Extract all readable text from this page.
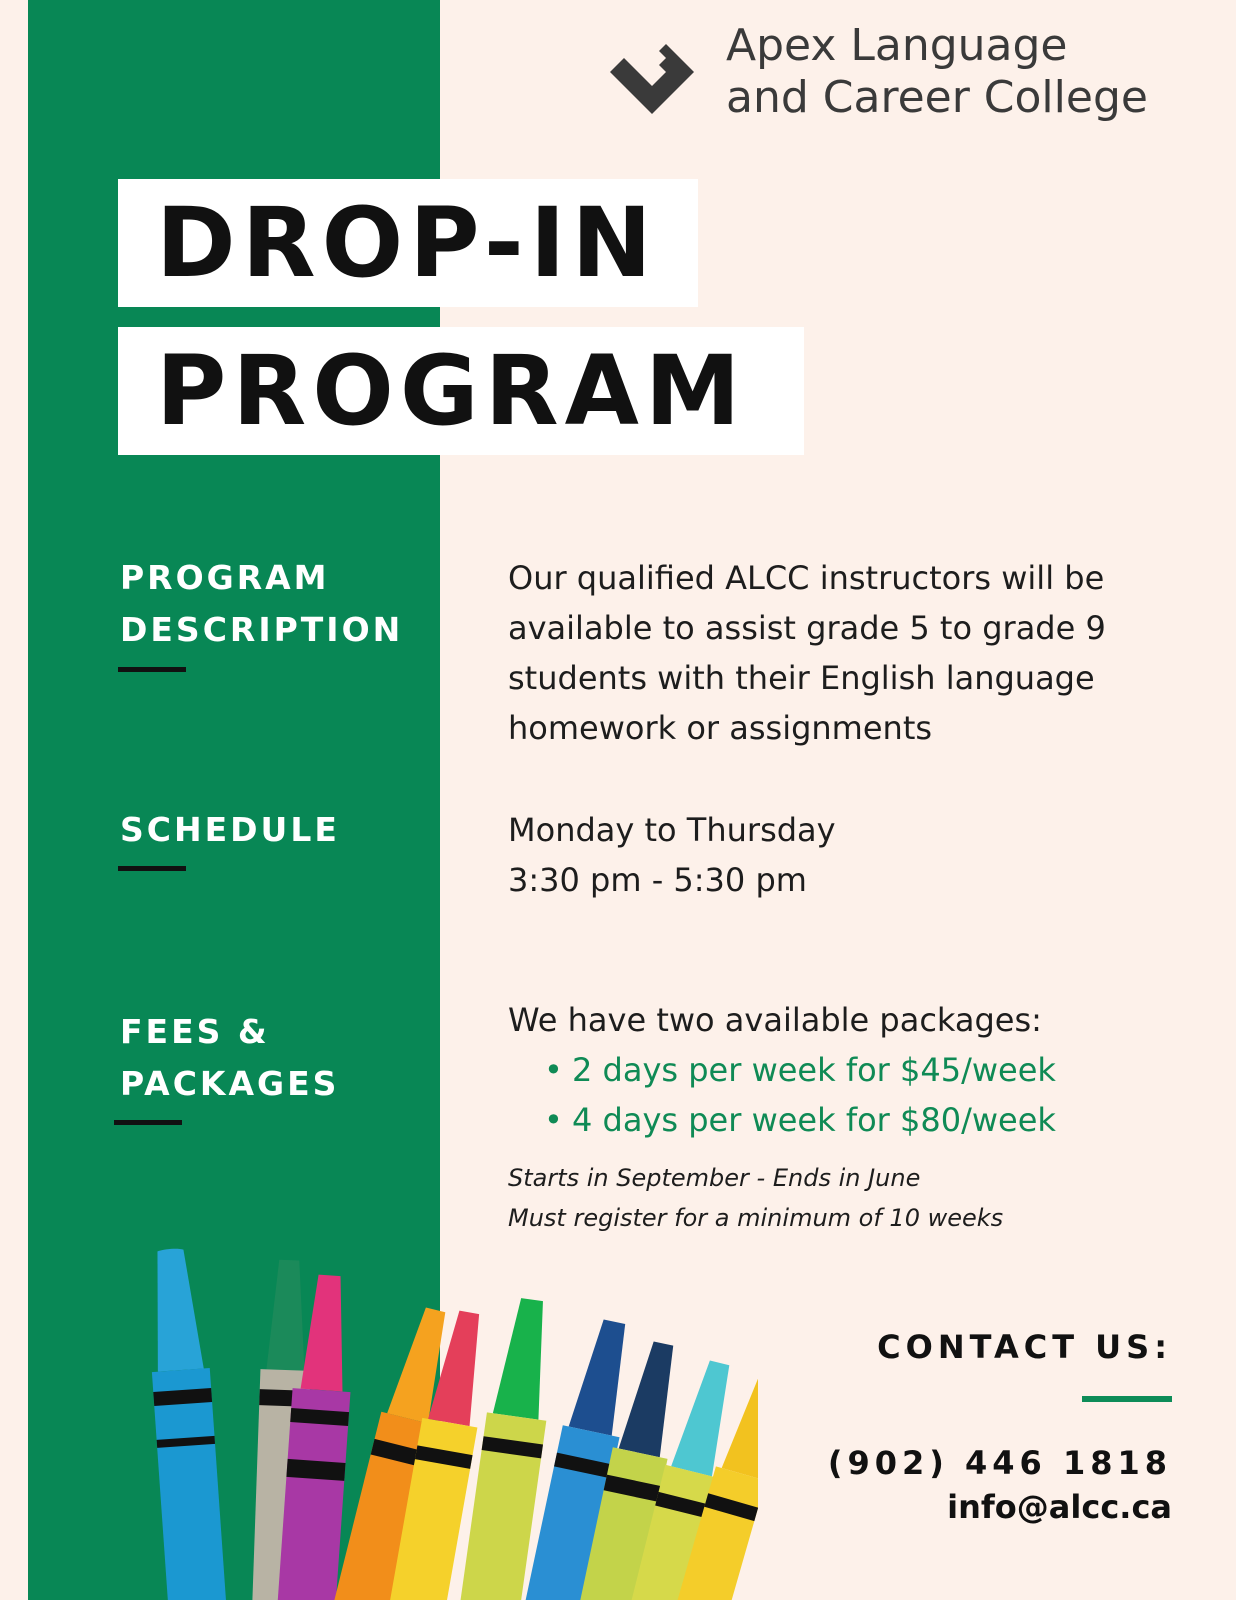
Apex Language
and Career College
DROP-IN
PROGRAM
PROGRAM
DESCRIPTION
SCHEDULE
FEES &
PACKAGES
Our qualified ALCC instructors will be
available to assist grade 5 to grade 9
students with their English language
homework or assignments
Monday to Thursday
3:30 pm - 5:30 pm
We have two available packages:
• 2 days per week for $45/week
• 4 days per week for $80/week
Starts in September - Ends in June
Must register for a minimum of 10 weeks
CONTACT US:
(902) 446 1818
info@alcc.ca
